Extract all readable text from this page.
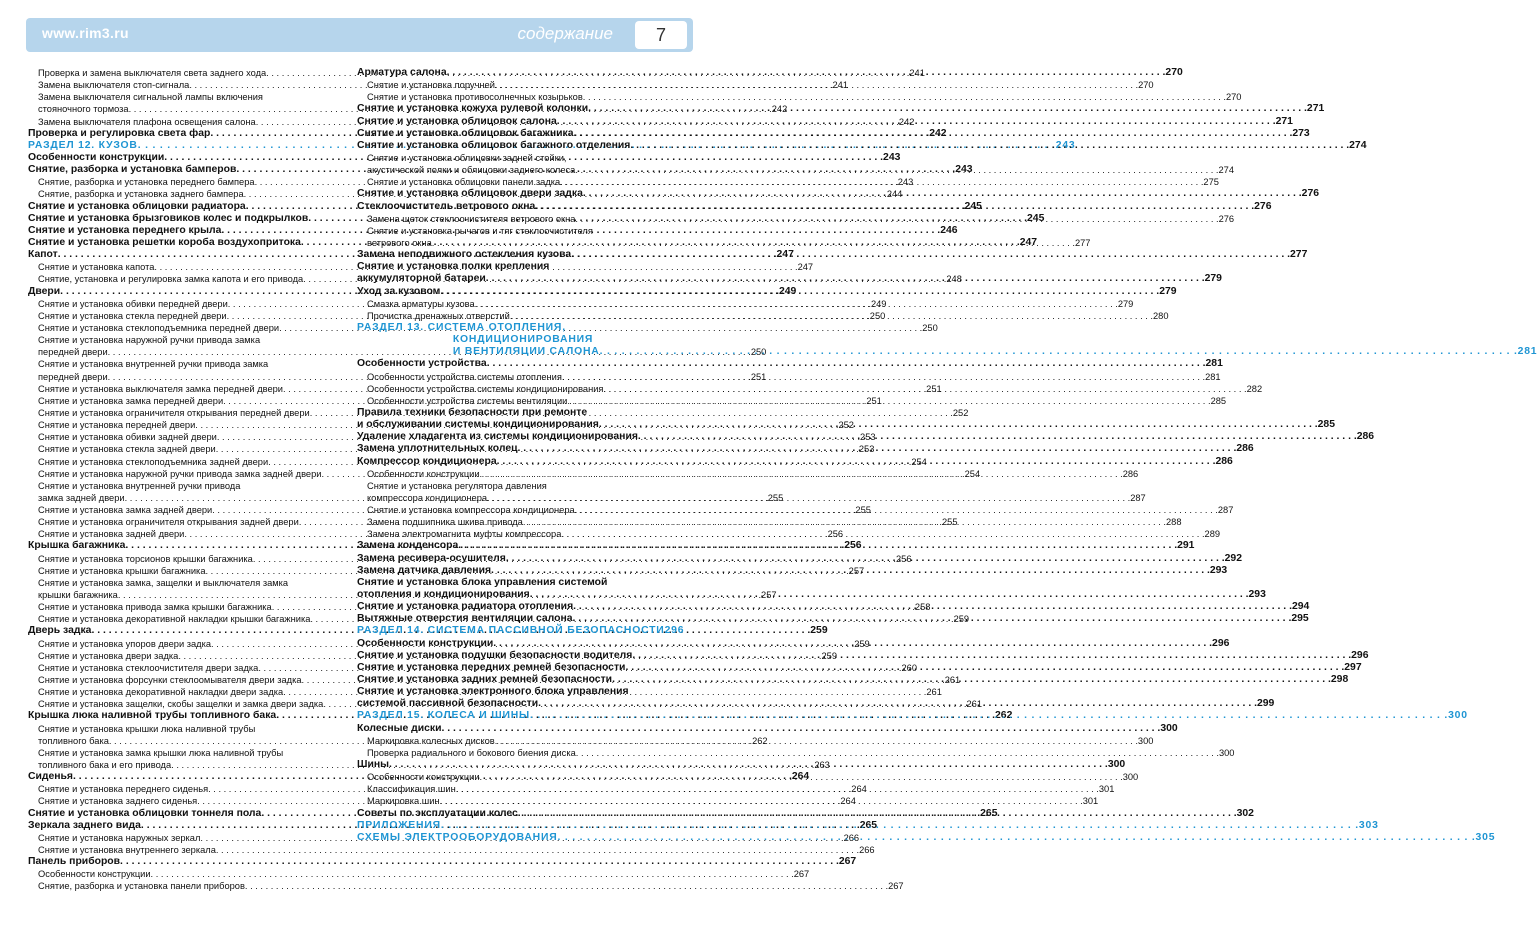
www.rim3.ru	содержание	7
Проверка и замена выключателя света заднего хода . . .	241
Замена выключателя стоп-сигнала . . .	241
Замена выключателя сигнальной лампы включения
стояночного тормоза . . .	242
Замена выключателя плафона освещения салона . . .	242
Проверка и регулировка света фар . . .	242
РАЗДЕЛ 12. КУЗОВ . . .	243
Особенности конструкции . . .	243
Снятие, разборка и установка бамперов . . .	243
Снятие, разборка и установка переднего бампера . . .	243
Снятие, разборка и установка заднего бампера . . .	244
Снятие и установка облицовки радиатора . . .	245
Снятие и установка брызговиков колес и подкрылков . . .	245
Снятие и установка переднего крыла . . .	246
Снятие и установка решетки короба воздухопритока . . .	247
Капот . . .	247
Снятие и установка капота . . .	247
Снятие, установка и регулировка замка капота и его привода . . .	248
Двери . . .	249
Снятие и установка обивки передней двери . . .	249
Снятие и установка стекла передней двери . . .	250
Снятие и установка стеклоподъемника передней двери . . .	250
Снятие и установка наружной ручки привода замка
передней двери . . .	250
Снятие и установка внутренней ручки привода замка
передней двери . . .	251
Снятие и установка выключателя замка передней двери . . .	251
Снятие и установка замка передней двери . . .	251
Снятие и установка ограничителя открывания передней двери . . .	252
Снятие и установка передней двери . . .	252
Снятие и установка обивки задней двери . . .	253
Снятие и установка стекла задней двери . . .	253
Снятие и установка стеклоподъемника задней двери . . .	254
Снятие и установка наружной ручки привода замка задней двери . . .	254
Снятие и установка внутренней ручки привода
замка задней двери . . .	255
Снятие и установка замка задней двери . . .	255
Снятие и установка ограничителя открывания задней двери . . .	255
Снятие и установка задней двери . . .	256
Крышка багажника . . .	256
Снятие и установка торсионов крышки багажника . . .	256
Снятие и установка крышки багажника . . .	257
Снятие и установка замка, защелки и выключателя замка
крышки багажника . . .	257
Снятие и установка привода замка крышки багажника . . .	258
Снятие и установка декоративной накладки крышки багажника . . .	259
Дверь задка . . .	259
Снятие и установка упоров двери задка . . .	259
Снятие и установка двери задка . . .	259
Снятие и установка стеклоочистителя двери задка . . .	260
Снятие и установка форсунки стеклоомывателя двери задка . . .	261
Снятие и установка декоративной накладки двери задка . . .	261
Снятие и установка защелки, скобы защелки и замка двери задка . . .	261
Крышка люка наливной трубы топливного бака . . .	262
Снятие и установка крышки люка наливной трубы
топливного бака . . .	262
Снятие и установка замка крышки люка наливной трубы
топливного бака и его привода . . .	263
Сиденья . . .	264
Снятие и установка переднего сиденья . . .	264
Снятие и установка заднего сиденья . . .	264
Снятие и установка облицовки тоннеля пола . . .	265
Зеркала заднего вида . . .	265
Снятие и установка наружных зеркал . . .	266
Снятие и установка внутреннего зеркала . . .	266
Панель приборов . . .	267
Особенности конструкции . . .	267
Снятие, разборка и установка панели приборов . . .	267
Арматура салона . . .	270
Снятие и установка поручней . . .	270
Снятие и установка противосолнечных козырьков . . .	270
Снятие и установка кожуха рулевой колонки . . .	271
Снятие и установка облицовок салона . . .	271
Снятие и установка облицовок багажника . . .	273
Снятие и установка облицовок багажного отделения . . .	274
Снятие и установка облицовки задней стойки,
акустической полки и облицовки заднего колеса . . .	274
Снятие и установка облицовки панели задка . . .	275
Снятие и установка облицовок двери задка . . .	276
Стеклоочиститель ветрового окна . . .	276
Замена щеток стеклоочистителя ветрового окна . . .	276
Снятие и установка рычагов и тяг стеклоочистителя
ветрового окна . . .	277
Замена неподвижного остекления кузова . . .	277
Снятие и установка полки крепления
аккумуляторной батареи . . .	279
Уход за кузовом . . .	279
Смазка арматуры кузова . . .	279
Прочистка дренажных отверстий . . .	280
РАЗДЕЛ 13. СИСТЕМА ОТОПЛЕНИЯ,
КОНДИЦИОНИРОВАНИЯ
И ВЕНТИЛЯЦИИ САЛОНА . . .	281
Особенности устройства . . .	281
Особенности устройства системы отопления . . .	281
Особенности устройства системы кондиционирования . . .	282
Особенности устройства системы вентиляции . . .	285
Правила техники безопасности при ремонте
и обслуживании системы кондиционирования . . .	285
Удаление хладагента из системы кондиционирования . . .	286
Замена уплотнительных колец . . .	286
Компрессор кондиционера . . .	286
Особенности конструкции . . .	286
Снятие и установка регулятора давления
компрессора кондиционера . . .	287
Снятие и установка компрессора кондиционера . . .	287
Замена подшипника шкива привода . . .	288
Замена электромагнита муфты компрессора . . .	289
Замена конденсора . . .	291
Замена ресивера-осушителя . . .	292
Замена датчика давления . . .	293
Снятие и установка блока управления системой
отопления и кондиционирования . . .	293
Снятие и установка радиатора отопления . . .	294
Вытяжные отверстия вентиляции салона . . .	295
РАЗДЕЛ 14. СИСТЕМА ПАССИВНОЙ БЕЗОПАСНОСТИ 296
Особенности конструкции . . .	296
Снятие и установка подушки безопасности водителя . . .	296
Снятие и установка передних ремней безопасности . . .	297
Снятие и установка задних ремней безопасности . . .	298
Снятие и установка электронного блока управления
системой пассивной безопасности . . .	299
РАЗДЕЛ 15. КОЛЕСА И ШИНЫ . . .	300
Колесные диски . . .	300
Маркировка колесных дисков . . .	300
Проверка радиального и бокового биения диска . . .	300
Шины . . .	300
Особенности конструкции . . .	300
Классификация шин . . .	301
Маркировка шин . . .	301
Советы по эксплуатации колес . . .	302
ПРИЛОЖЕНИЯ . . .	303
СХЕМЫ ЭЛЕКТРООБОРУДОВАНИЯ . . .	305
